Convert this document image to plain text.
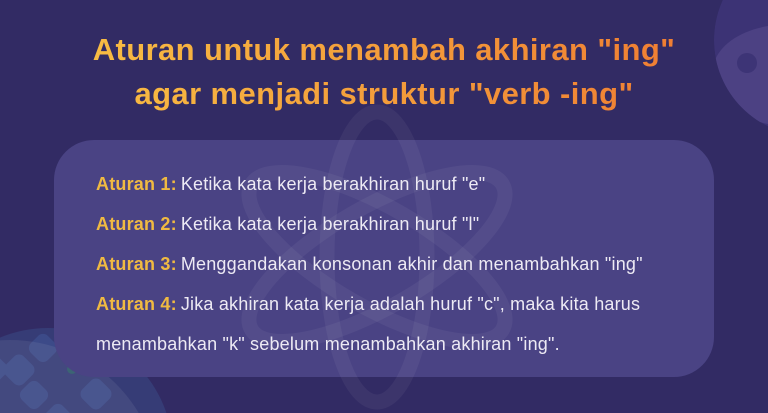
Aturan untuk menambah akhiran "ing"
agar menjadi struktur "verb -ing"

Aturan 1: Ketika kata kerja berakhiran huruf "e"

Aturan 2: Ketika kata kerja berakhiran huruf "l"

Aturan 3: Menggandakan konsonan akhir dan menambahkan "ing"

Aturan 4: Jika akhiran kata kerja adalah huruf "c", maka kita harus menambahkan "k" sebelum menambahkan akhiran "ing".
